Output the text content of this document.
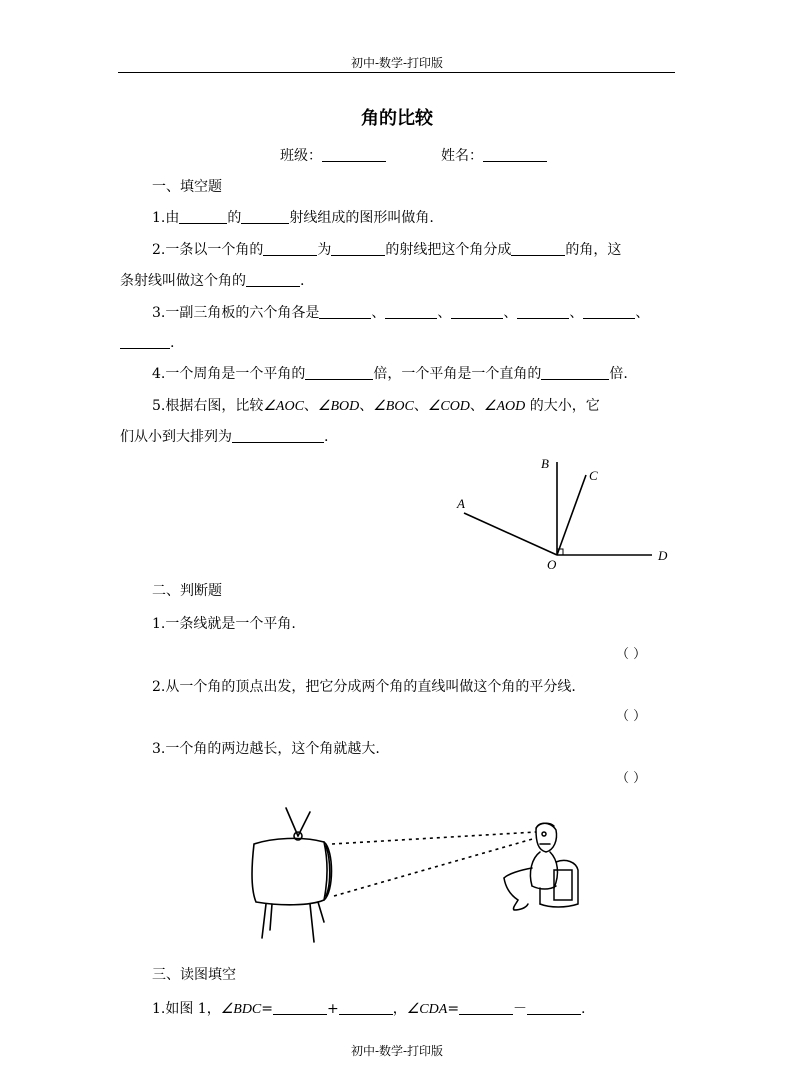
初中-数学-打印版
角的比较
班级：	姓名：
一、填空题
1.由	的	射线组成的图形叫做角.
2.一条以一个角的	为	的射线把这个角分成	的角，这
条射线叫做这个角的	.
3.一副三角板的六个角各是	、	、	、	、	、
.
4.一个周角是一个平角的	倍，一个平角是一个直角的	倍.
5.根据右图，比较∠AOC、∠BOD、∠BOC、∠COD、∠AOD 的大小，它
们从小到大排列为	.
B
C
A
D
O
二、判断题
1.一条线就是一个平角.
（ ）
2.从一个角的顶点出发，把它分成两个角的直线叫做这个角的平分线.
（ ）
3.一个角的两边越长，这个角就越大.
（ ）
三、读图填空
1.如图 1，∠BDC=	+	，∠CDA=	－	.
初中-数学-打印版
